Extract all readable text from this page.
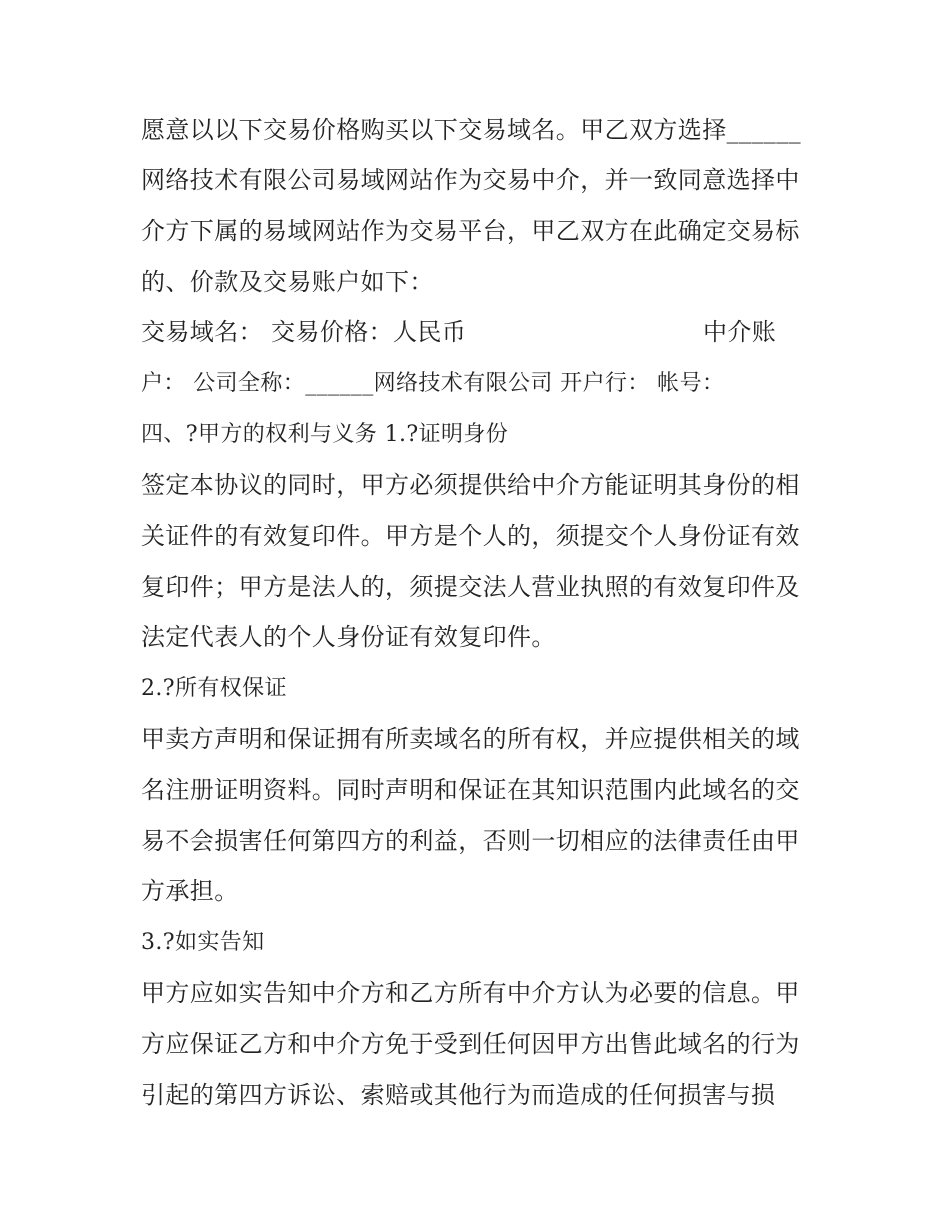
愿意以以下交易价格购买以下交易域名。甲乙双方选择______
网络技术有限公司易域网站作为交易中介，并一致同意选择中
介方下属的易域网站作为交易平台，甲乙双方在此确定交易标
的、价款及交易账户如下：
交易域名： 交易价格：人民币	中介账
户： 公司全称：______网络技术有限公司 开户行： 帐号：
四、?甲方的权利与义务 1.?证明身份
签定本协议的同时，甲方必须提供给中介方能证明其身份的相
关证件的有效复印件。甲方是个人的，须提交个人身份证有效
复印件；甲方是法人的，须提交法人营业执照的有效复印件及
法定代表人的个人身份证有效复印件。
2.?所有权保证
甲卖方声明和保证拥有所卖域名的所有权，并应提供相关的域
名注册证明资料。同时声明和保证在其知识范围内此域名的交
易不会损害任何第四方的利益，否则一切相应的法律责任由甲
方承担。
3.?如实告知
甲方应如实告知中介方和乙方所有中介方认为必要的信息。甲
方应保证乙方和中介方免于受到任何因甲方出售此域名的行为
引起的第四方诉讼、索赔或其他行为而造成的任何损害与损
